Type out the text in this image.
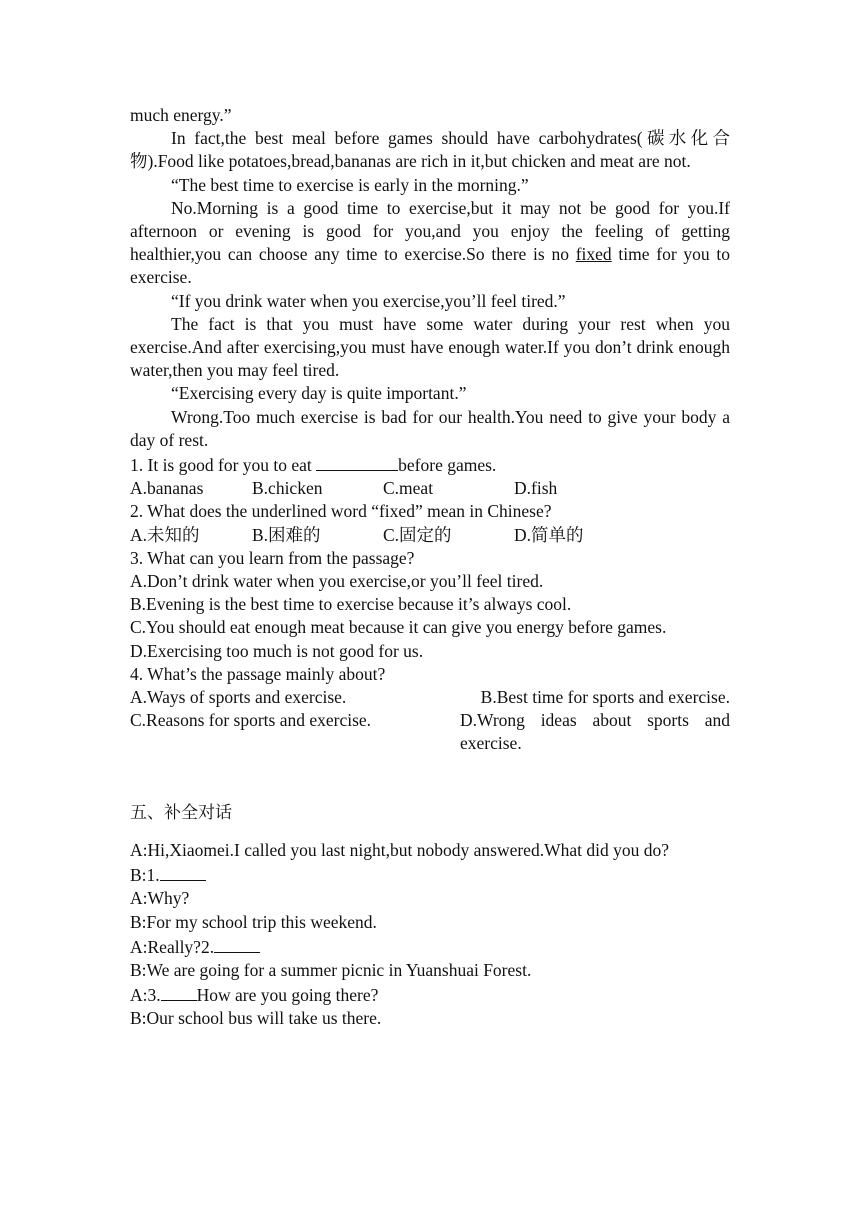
much energy.”

In fact,the best meal before games should have carbohydrates(碳水化合物).Food like potatoes,bread,bananas are rich in it,but chicken and meat are not.

“The best time to exercise is early in the morning.”

No.Morning is a good time to exercise,but it may not be good for you.If afternoon or evening is good for you,and you enjoy the feeling of getting healthier,you can choose any time to exercise.So there is no fixed time for you to exercise.

“If you drink water when you exercise,you’ll feel tired.”

The fact is that you must have some water during your rest when you exercise.And after exercising,you must have enough water.If you don’t drink enough water,then you may feel tired.

“Exercising every day is quite important.”

Wrong.Too much exercise is bad for our health.You need to give your body a day of rest.

1. It is good for you to eat	before games.

A.bananas	B.chicken	C.meat	D.fish

2. What does the underlined word “fixed” mean in Chinese?

A.未知的	B.困难的	C.固定的	D.简单的

3. What can you learn from the passage?

A.Don’t drink water when you exercise,or you’ll feel tired.

B.Evening is the best time to exercise because it’s always cool.

C.You should eat enough meat because it can give you energy before games.

D.Exercising too much is not good for us.

4. What’s the passage mainly about?

A.Ways of sports and exercise.	B.Best time for sports and exercise.
C.Reasons for sports and exercise.	D.Wrong ideas about sports and exercise.

五、补全对话

A:Hi,Xiaomei.I called you last night,but nobody answered.What did you do?

B:1.

A:Why?

B:For my school trip this weekend.

A:Really?2.

B:We are going for a summer picnic in Yuanshuai Forest.

A:3. How are you going there?

B:Our school bus will take us there.
